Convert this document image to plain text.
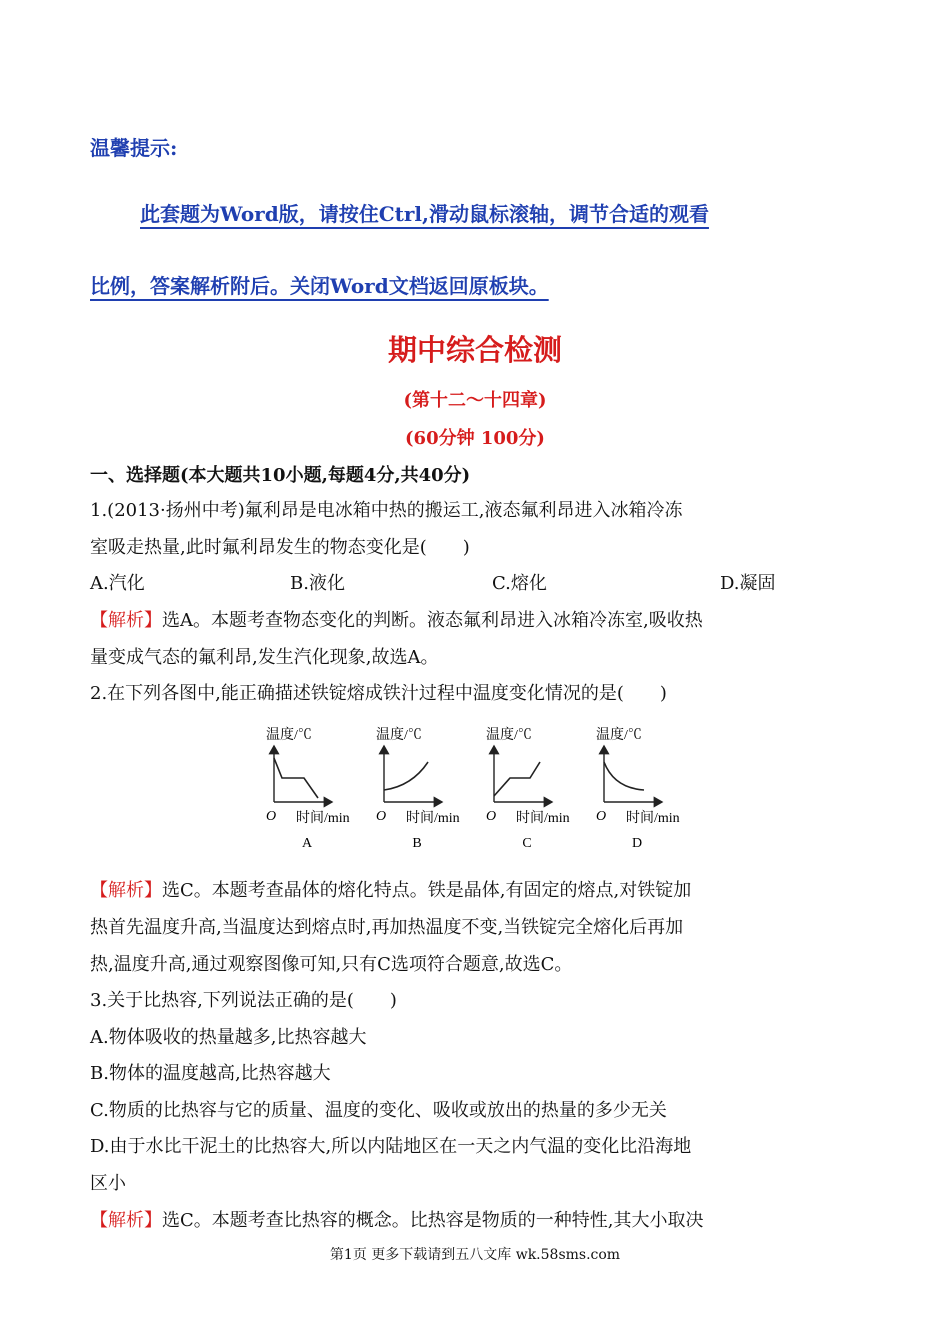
温馨提示:
此套题为Word版，请按住Ctrl,滑动鼠标滚轴，调节合适的观看
比例，答案解析附后。关闭Word文档返回原板块。
期中综合检测
(第十二～十四章)
(60分钟 100分)
一、选择题(本大题共10小题,每题4分,共40分)
1.(2013·扬州中考)氟利昂是电冰箱中热的搬运工,液态氟利昂进入冰箱冷冻
室吸走热量,此时氟利昂发生的物态变化是(　　)
A.汽化	B.液化	C.熔化	D.凝固
【解析】选A。本题考查物态变化的判断。液态氟利昂进入冰箱冷冻室,吸收热
量变成气态的氟利昂,发生汽化现象,故选A。
2.在下列各图中,能正确描述铁锭熔成铁汁过程中温度变化情况的是(　　)
温度/℃
O 时间/min
A
温度/℃
O 时间/min
B
温度/℃
O 时间/min
C
温度/℃
O 时间/min
D
【解析】选C。本题考查晶体的熔化特点。铁是晶体,有固定的熔点,对铁锭加
热首先温度升高,当温度达到熔点时,再加热温度不变,当铁锭完全熔化后再加
热,温度升高,通过观察图像可知,只有C选项符合题意,故选C。
3.关于比热容,下列说法正确的是(　　)
A.物体吸收的热量越多,比热容越大
B.物体的温度越高,比热容越大
C.物质的比热容与它的质量、温度的变化、吸收或放出的热量的多少无关
D.由于水比干泥土的比热容大,所以内陆地区在一天之内气温的变化比沿海地
区小
【解析】选C。本题考查比热容的概念。比热容是物质的一种特性,其大小取决
第1页 更多下载请到五八文库 wk.58sms.com
